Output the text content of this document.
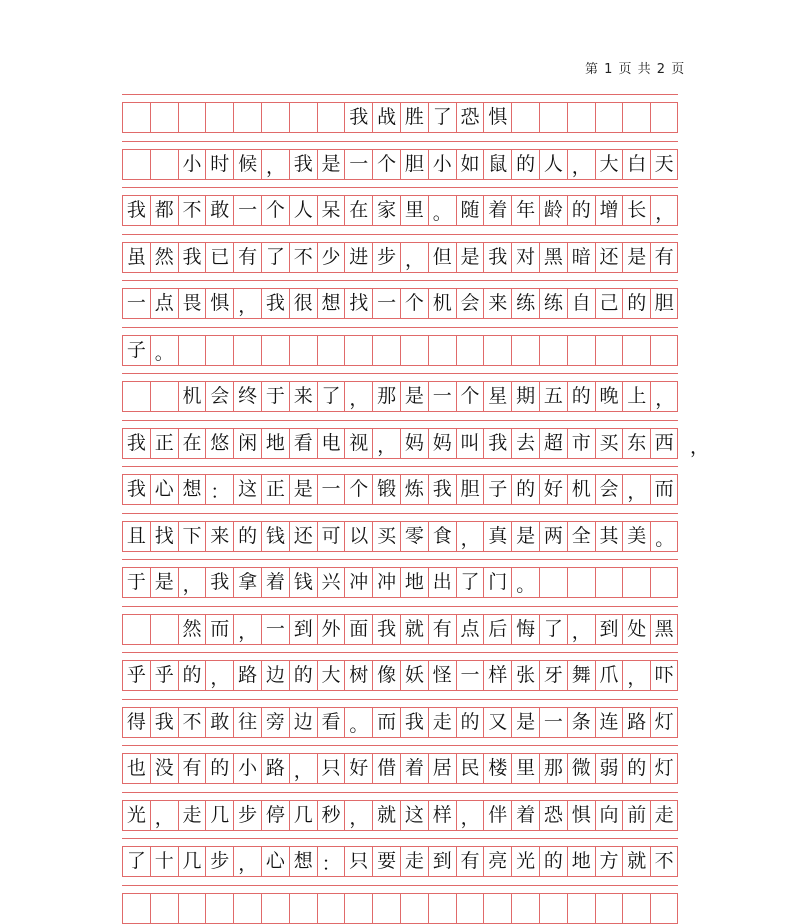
第 1 页 共 2 页
我 战 胜 了 恐 惧
小 时 候 ， 我 是 一 个 胆 小 如 鼠 的 人 ， 大 白 天
我 都 不 敢 一 个 人 呆 在 家 里 。 随 着 年 龄 的 增 长 ，
虽 然 我 已 有 了 不 少 进 步 ， 但 是 我 对 黑 暗 还 是 有
一 点 畏 惧 ， 我 很 想 找 一 个 机 会 来 练 练 自 己 的 胆
子 。
机 会 终 于 来 了 ， 那 是 一 个 星 期 五 的 晚 上 ，
我 正 在 悠 闲 地 看 电 视 ， 妈 妈 叫 我 去 超 市 买 东 西 ，
我 心 想 ： 这 正 是 一 个 锻 炼 我 胆 子 的 好 机 会 ， 而
且 找 下 来 的 钱 还 可 以 买 零 食 ， 真 是 两 全 其 美 。
于 是 ， 我 拿 着 钱 兴 冲 冲 地 出 了 门 。
然 而 ， 一 到 外 面 我 就 有 点 后 悔 了 ， 到 处 黑
乎 乎 的 ， 路 边 的 大 树 像 妖 怪 一 样 张 牙 舞 爪 ， 吓
得 我 不 敢 往 旁 边 看 。 而 我 走 的 又 是 一 条 连 路 灯
也 没 有 的 小 路 ， 只 好 借 着 居 民 楼 里 那 微 弱 的 灯
光 ， 走 几 步 停 几 秒 ， 就 这 样 ， 伴 着 恐 惧 向 前 走
了 十 几 步 ， 心 想 ： 只 要 走 到 有 亮 光 的 地 方 就 不
